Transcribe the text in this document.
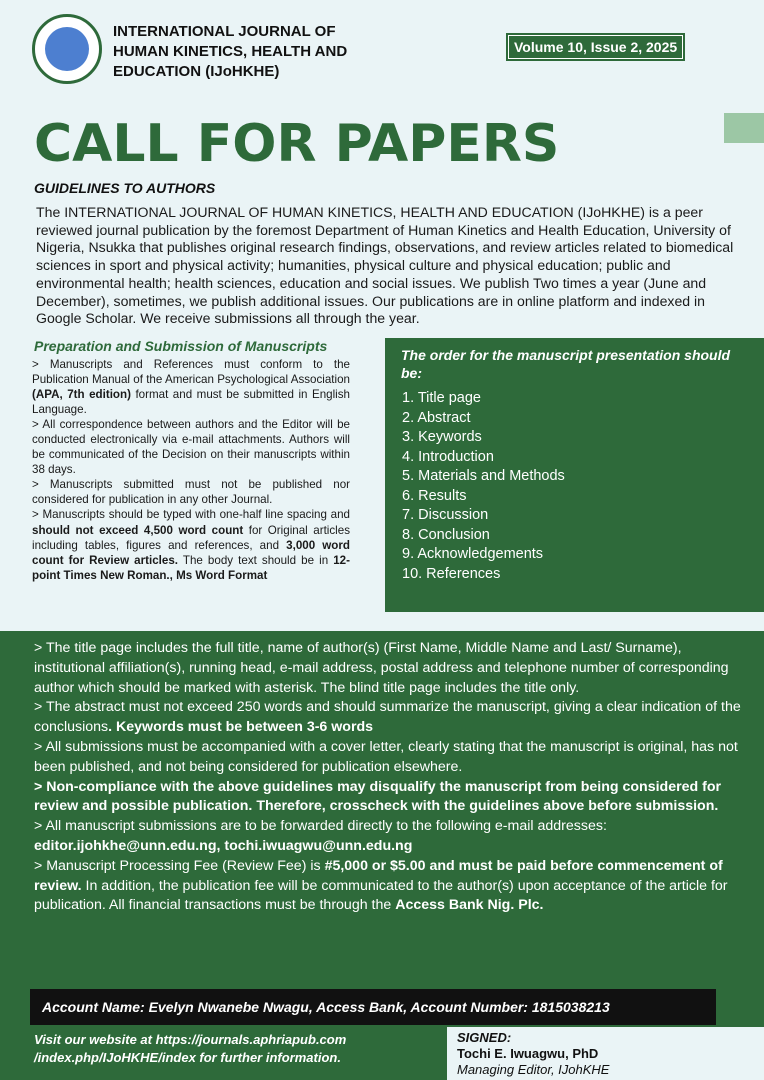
INTERNATIONAL JOURNAL OF
HUMAN KINETICS, HEALTH AND
EDUCATION (IJoHKHE)
Volume 10, Issue 2, 2025
CALL FOR PAPERS
GUIDELINES TO AUTHORS
The INTERNATIONAL JOURNAL OF HUMAN KINETICS, HEALTH AND EDUCATION (IJoHKHE) is a peer reviewed journal publication by the foremost Department of Human Kinetics and Health Education, University of Nigeria, Nsukka that publishes original research findings, observations, and review articles related to biomedical sciences in sport and physical activity; humanities, physical culture and physical education; public and environmental health; health sciences, education and social issues. We publish Two times a year (June and December), sometimes, we publish additional issues. Our publications are in online platform and indexed in Google Scholar. We receive submissions all through the year.
Preparation and Submission of Manuscripts

> Manuscripts and References must conform to the Publication Manual of the American Psychological Association (APA, 7th edition) format and must be submitted in English Language.

> All correspondence between authors and the Editor will be conducted electronically via e-mail attachments. Authors will be communicated of the Decision on their manuscripts within 38 days.

> Manuscripts submitted must not be published nor considered for publication in any other Journal.

> Manuscripts should be typed with one-half line spacing and should not exceed 4,500 word count for Original articles including tables, figures and references, and 3,000 word count for Review articles. The body text should be in 12-point Times New Roman., Ms Word Format

The order for the manuscript presentation should be:
1. Title page
2. Abstract
3. Keywords
4. Introduction
5. Materials and Methods
6. Results
7. Discussion
8. Conclusion
9. Acknowledgements
10. References

> The title page includes the full title, name of author(s) (First Name, Middle Name and Last/ Surname), institutional affiliation(s), running head, e-mail address, postal address and telephone number of corresponding author which should be marked with asterisk. The blind title page includes the title only.

> The abstract must not exceed 250 words and should summarize the manuscript, giving a clear indication of the conclusions. Keywords must be between 3-6 words

> All submissions must be accompanied with a cover letter, clearly stating that the manuscript is original, has not been published, and not being considered for publication elsewhere.

> Non-compliance with the above guidelines may disqualify the manuscript from being considered for review and possible publication. Therefore, crosscheck with the guidelines above before submission.

> All manuscript submissions are to be forwarded directly to the following e-mail addresses:

editor.ijohkhe@unn.edu.ng, tochi.iwuagwu@unn.edu.ng

> Manuscript Processing Fee (Review Fee) is #5,000 or $5.00 and must be paid before commencement of review. In addition, the publication fee will be communicated to the author(s) upon acceptance of the article for publication. All financial transactions must be through the Access Bank Nig. Plc.

Account Name: Evelyn Nwanebe Nwagu, Access Bank, Account Number: 1815038213
Visit our website at https://journals.aphriapub.com
/index.php/IJoHKHE/index for further information.
SIGNED:
Tochi E. Iwuagwu, PhD
Managing Editor, IJohKHE
